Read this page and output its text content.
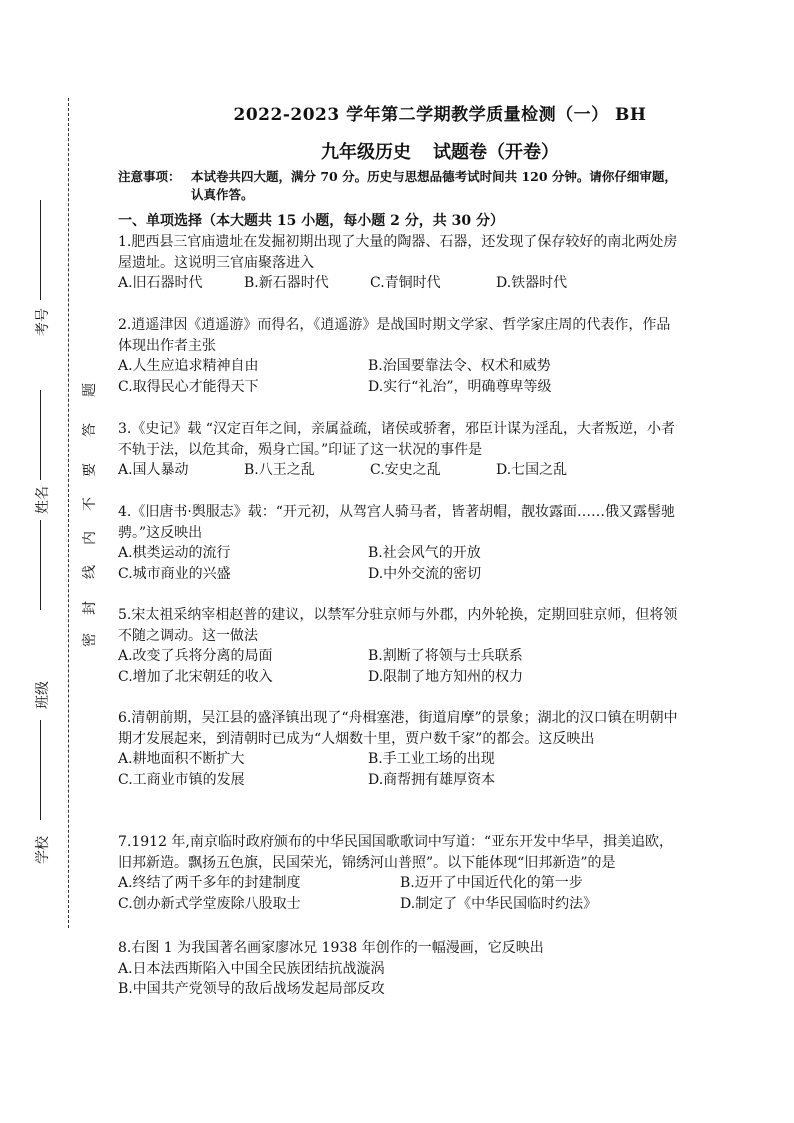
考号
姓名
班级
学校
题
答
要
不
内
线
封
密
2022-2023 学年第二学期教学质量检测（一） BH
九年级历史 试题卷（开卷）
注意事项： 本试卷共四大题，满分 70 分。历史与思想品德考试时间共 120 分钟。请你仔细审题，认真作答。
一、单项选择（本大题共 15 小题，每小题 2 分，共 30 分）
1.肥西县三官庙遗址在发掘初期出现了大量的陶器、石器，还发现了保存较好的南北两处房屋遗址。这说明三官庙聚落进入
A.旧石器时代	B.新石器时代	C.青铜时代	D.铁器时代
2.逍遥津因《逍遥游》而得名，《逍遥游》是战国时期文学家、哲学家庄周的代表作，作品体现出作者主张
A.人生应追求精神自由	B.治国要靠法令、权术和威势
C.取得民心才能得天下	D.实行“礼治”，明确尊卑等级
3.《史记》载 “汉定百年之间，亲属益疏，诸侯或骄奢，邪臣计谋为淫乱，大者叛逆，小者不轨于法，以危其命，殒身亡国。”印证了这一状况的事件是
A.国人暴动	B.八王之乱	C.安史之乱	D.七国之乱
4.《旧唐书·舆服志》载：“开元初，从驾宫人骑马者，皆著胡帽，靓妆露面……俄又露髻驰骋。”这反映出
A.棋类运动的流行	B.社会风气的开放
C.城市商业的兴盛	D.中外交流的密切
5.宋太祖采纳宰相赵普的建议，以禁军分驻京师与外郡，内外轮换，定期回驻京师，但将领不随之调动。这一做法
A.改变了兵将分离的局面	B.割断了将领与士兵联系
C.增加了北宋朝廷的收入	D.限制了地方知州的权力
6.清朝前期，吴江县的盛泽镇出现了“舟楫塞港，街道肩摩”的景象；湖北的汉口镇在明朝中期才发展起来，到清朝时已成为“人烟数十里，贾户数千家”的都会。这反映出
A.耕地面积不断扩大	B.手工业工场的出现
C.工商业市镇的发展	D.商帮拥有雄厚资本
7.1912 年,南京临时政府颁布的中华民国国歌歌词中写道：“亚东开发中华早，揖美追欧，旧邦新造。飘扬五色旗，民国荣光，锦绣河山普照”。以下能体现“旧邦新造”的是
A.终结了两千多年的封建制度	B.迈开了中国近代化的第一步
C.创办新式学堂废除八股取士	D.制定了《中华民国临时约法》
8.右图 1 为我国著名画家廖冰兄 1938 年创作的一幅漫画，它反映出
A.日本法西斯陷入中国全民族团结抗战漩涡
B.中国共产党领导的敌后战场发起局部反攻
